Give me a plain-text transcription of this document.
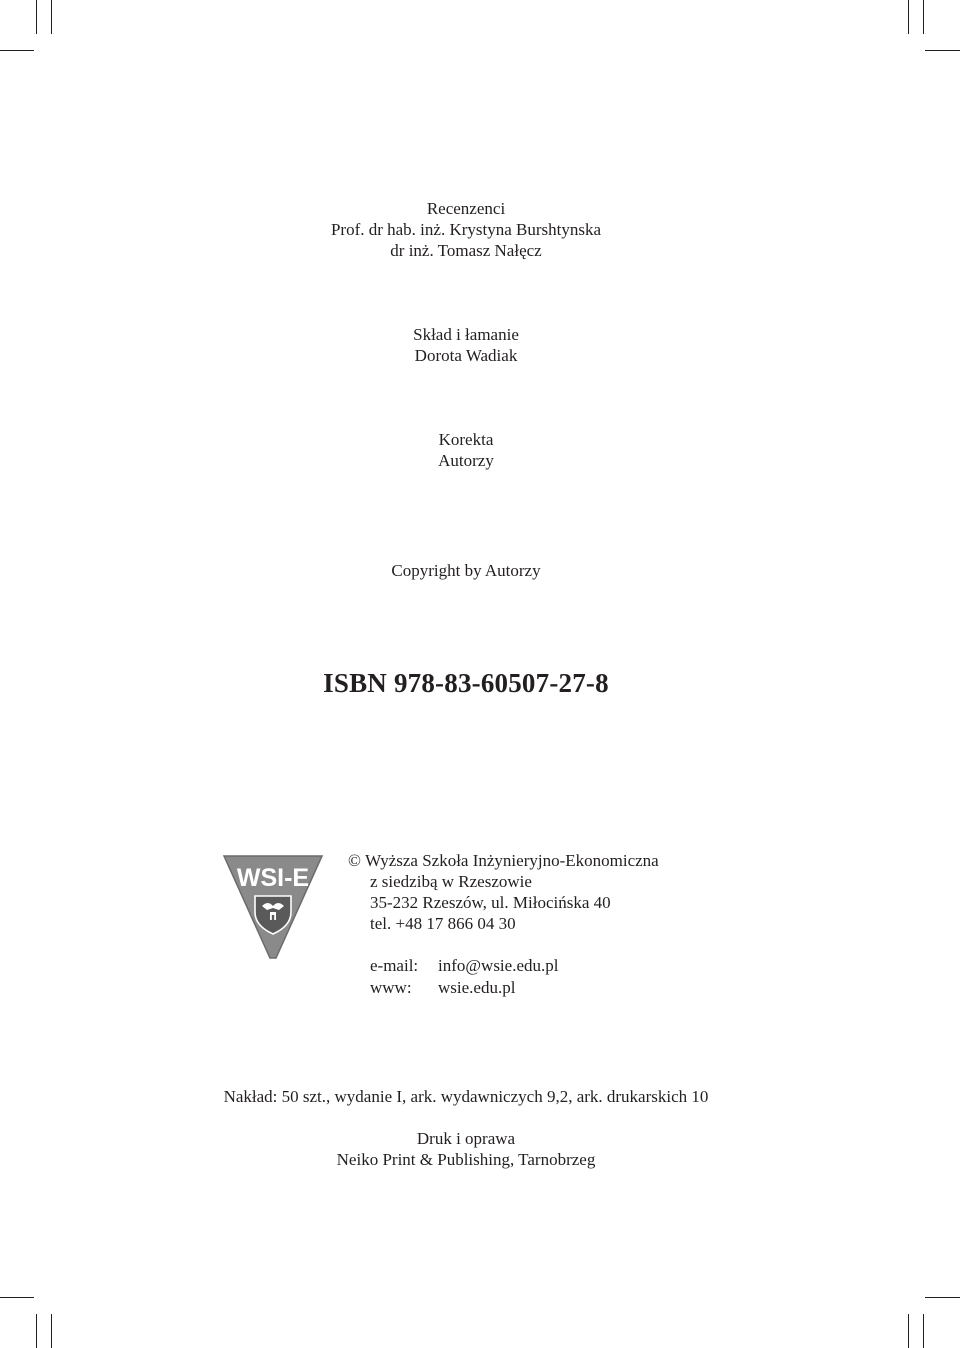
Recenzenci
Prof. dr hab. inż. Krystyna Burshtynska
dr inż. Tomasz Nałęcz
Skład i łamanie
Dorota Wadiak
Korekta
Autorzy
Copyright by Autorzy
ISBN 978-83-60507-27-8
WSI-E
© Wyższa Szkoła Inżynieryjno-Ekonomiczna
z siedzibą w Rzeszowie
35-232 Rzeszów, ul. Miłocińska 40
tel. +48 17 866 04 30
e-mail: info@wsie.edu.pl
www: wsie.edu.pl
Nakład: 50 szt., wydanie I, ark. wydawniczych 9,2, ark. drukarskich 10
Druk i oprawa
Neiko Print & Publishing, Tarnobrzeg
